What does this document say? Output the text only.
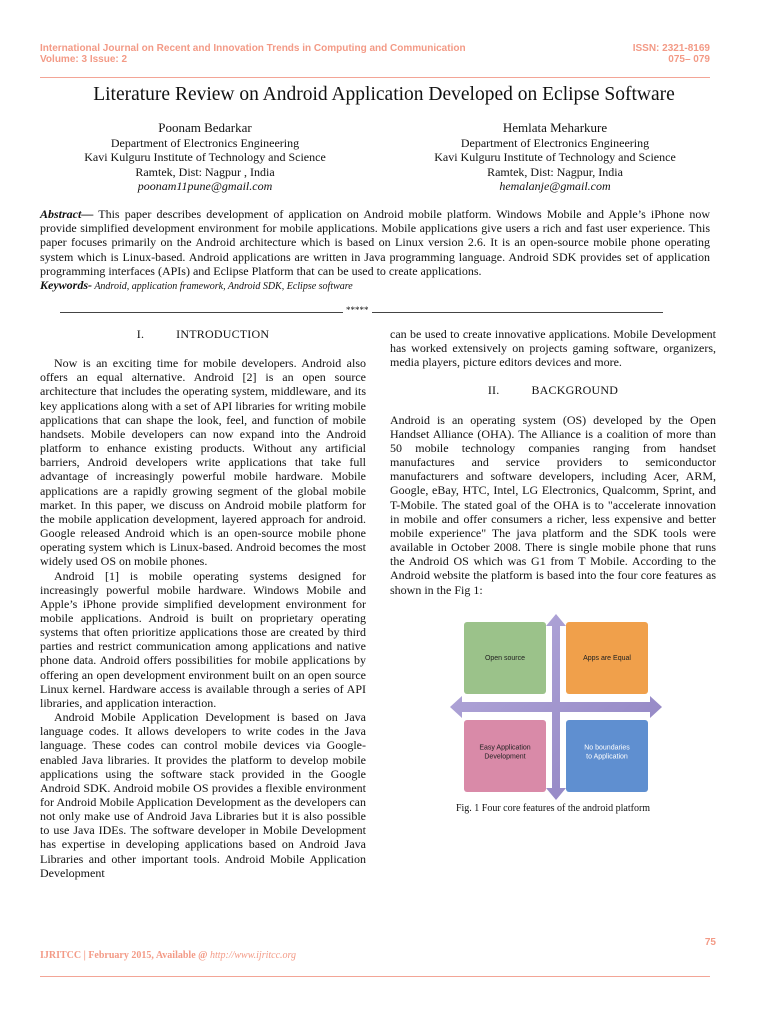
International Journal on Recent and Innovation Trends in Computing and Communication
Volume: 3 Issue: 2
ISSN: 2321-8169
075– 079
Literature Review on Android Application Developed on Eclipse Software
Poonam Bedarkar
Department of Electronics Engineering
Kavi Kulguru Institute of Technology and Science
Ramtek, Dist: Nagpur , India
poonam11pune@gmail.com
Hemlata Meharkure
Department of Electronics Engineering
Kavi Kulguru Institute of Technology and Science
Ramtek, Dist: Nagpur, India
hemalanje@gmail.com
Abstract— This paper describes development of application on Android mobile platform. Windows Mobile and Apple’s iPhone now provide simplified development environment for mobile applications. Mobile applications give users a rich and fast user experience. This paper focuses primarily on the Android architecture which is based on Linux version 2.6. It is an open-source mobile phone operating system which is Linux-based. Android applications are written in Java programming language. Android SDK provides set of application programming interfaces (APIs) and Eclipse Platform that can be used to create applications.
Keywords- Android, application framework, Android SDK, Eclipse software
*****
I.	INTRODUCTION

Now is an exciting time for mobile developers. Android also offers an equal alternative. Android [2] is an open source architecture that includes the operating system, middleware, and its key applications along with a set of API libraries for writing mobile applications that can shape the look, feel, and function of mobile handsets. Mobile developers can now expand into the Android platform to enhance existing products. Without any artificial barriers, Android developers write applications that take full advantage of increasingly powerful mobile hardware. Mobile applications are a rapidly growing segment of the global mobile market. In this paper, we discuss on Android mobile platform for the mobile application development, layered approach for android. Google released Android which is an open-source mobile phone operating system which is Linux-based. Android becomes the most widely used OS on mobile phones.

Android [1] is mobile operating systems designed for increasingly powerful mobile hardware. Windows Mobile and Apple’s iPhone provide simplified development environment for mobile applications. Android is built on proprietary operating systems that often prioritize applications those are created by third parties and restrict communication among applications and native phone data. Android offers possibilities for mobile applications by offering an open development environment built on an open source Linux kernel. Hardware access is available through a series of API libraries, and application interaction.

Android Mobile Application Development is based on Java language codes. It allows developers to write codes in the Java language. These codes can control mobile devices via Google-enabled Java libraries. It provides the platform to develop mobile applications using the software stack provided in the Google Android SDK. Android mobile OS provides a flexible environment for Android Mobile Application Development as the developers can not only make use of Android Java Libraries but it is also possible to use Java IDEs. The software developer in Mobile Development has expertise in developing applications based on Android Java Libraries and other important tools. Android Mobile Application Development

can be used to create innovative applications. Mobile Development has worked extensively on projects gaming software, organizers, media players, picture editors devices and more.

II.	BACKGROUND

Android is an operating system (OS) developed by the Open Handset Alliance (OHA). The Alliance is a coalition of more than 50 mobile technology companies ranging from handset manufactures and service providers to semiconductor manufacturers and software developers, including Acer, ARM, Google, eBay, HTC, Intel, LG Electronics, Qualcomm, Sprint, and T-Mobile. The stated goal of the OHA is to "accelerate innovation in mobile and offer consumers a richer, less expensive and better mobile experience" The java platform and the SDK tools were available in October 2008. There is single mobile phone that runs the Android OS which was G1 from T Mobile. According to the Android website the platform is based into the four core features as shown in the Fig 1:

Open source	Apps are Equal
Easy Application Development
No boundaries to Application
Fig. 1 Four core features of the android platform
75
IJRITCC | February 2015, Available @ http://www.ijritcc.org
